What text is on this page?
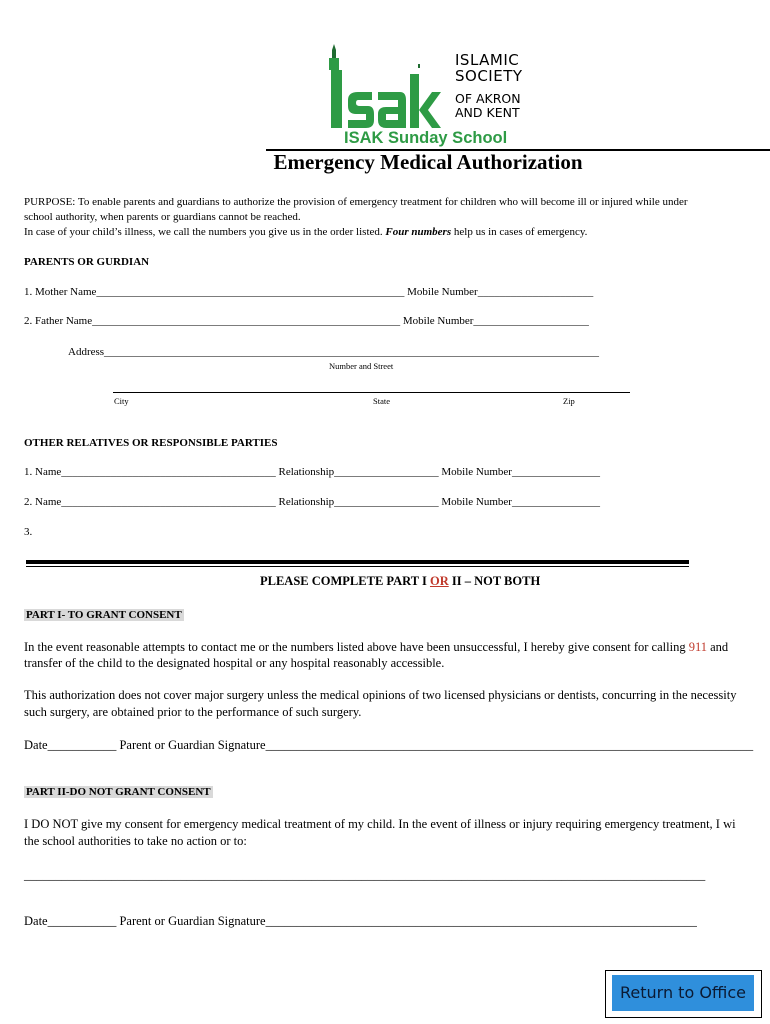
ISLAMIC
SOCIETY
OF AKRON
AND KENT
ISAK Sunday School
Emergency Medical Authorization
PURPOSE: To enable parents and guardians to authorize the provision of emergency treatment for children who will become ill or injured while under
school authority, when parents or guardians cannot be reached.
In case of your child’s illness, we call the numbers you give us in the order listed. Four numbers help us in cases of emergency.
PARENTS OR GURDIAN
1. Mother Name________________________________________________________ Mobile Number_____________________
2. Father Name________________________________________________________ Mobile Number_____________________
Address__________________________________________________________________________________________
Number and Street
City	State	Zip
OTHER RELATIVES OR RESPONSIBLE PARTIES
1. Name_______________________________________ Relationship___________________ Mobile Number________________
2. Name_______________________________________ Relationship___________________ Mobile Number________________
3.
PLEASE COMPLETE PART I OR II – NOT BOTH
PART I- TO GRANT CONSENT
In the event reasonable attempts to contact me or the numbers listed above have been unsuccessful, I hereby give consent for calling 911 and
transfer of the child to the designated hospital or any hospital reasonably accessible.
This authorization does not cover major surgery unless the medical opinions of two licensed physicians or dentists, concurring in the necessity
such surgery, are obtained prior to the performance of such surgery.
Date___________ Parent or Guardian Signature______________________________________________________________________________
PART II-DO NOT GRANT CONSENT
I DO NOT give my consent for emergency medical treatment of my child. In the event of illness or injury requiring emergency treatment, I wi
the school authorities to take no action or to:
_____________________________________________________________________________________________________________
Date___________ Parent or Guardian Signature_____________________________________________________________________
Return to Office
